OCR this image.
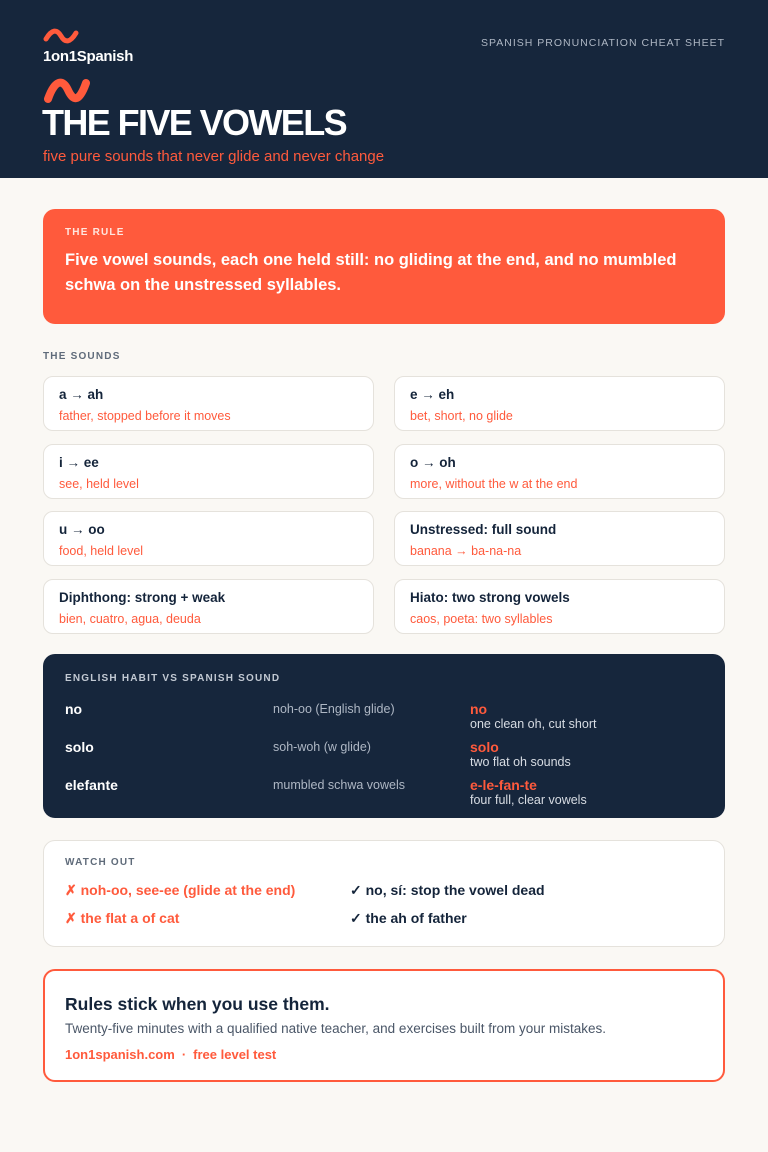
1on1Spanish
SPANISH PRONUNCIATION CHEAT SHEET
THE FIVE VOWELS
five pure sounds that never glide and never change
THE RULE
Five vowel sounds, each one held still: no gliding at the end, and no mumbled schwa on the unstressed syllables.
THE SOUNDS
a → ah
father, stopped before it moves
e → eh
bet, short, no glide
i → ee
see, held level
o → oh
more, without the w at the end
u → oo
food, held level
Unstressed: full sound
banana → ba-na-na
Diphthong: strong + weak
bien, cuatro, agua, deuda
Hiato: two strong vowels
caos, poeta: two syllables
ENGLISH HABIT VS SPANISH SOUND
no	noh-oo (English glide)	no
one clean oh, cut short
solo	soh-woh (w glide)	solo
two flat oh sounds
elefante	mumbled schwa vowels	e-le-fan-te
four full, clear vowels
WATCH OUT
✗ noh-oo, see-ee (glide at the end)	✓ no, sí: stop the vowel dead
✗ the flat a of cat	✓ the ah of father
Rules stick when you use them.
Twenty-five minutes with a qualified native teacher, and exercises built from your mistakes.
1on1spanish.com · free level test
